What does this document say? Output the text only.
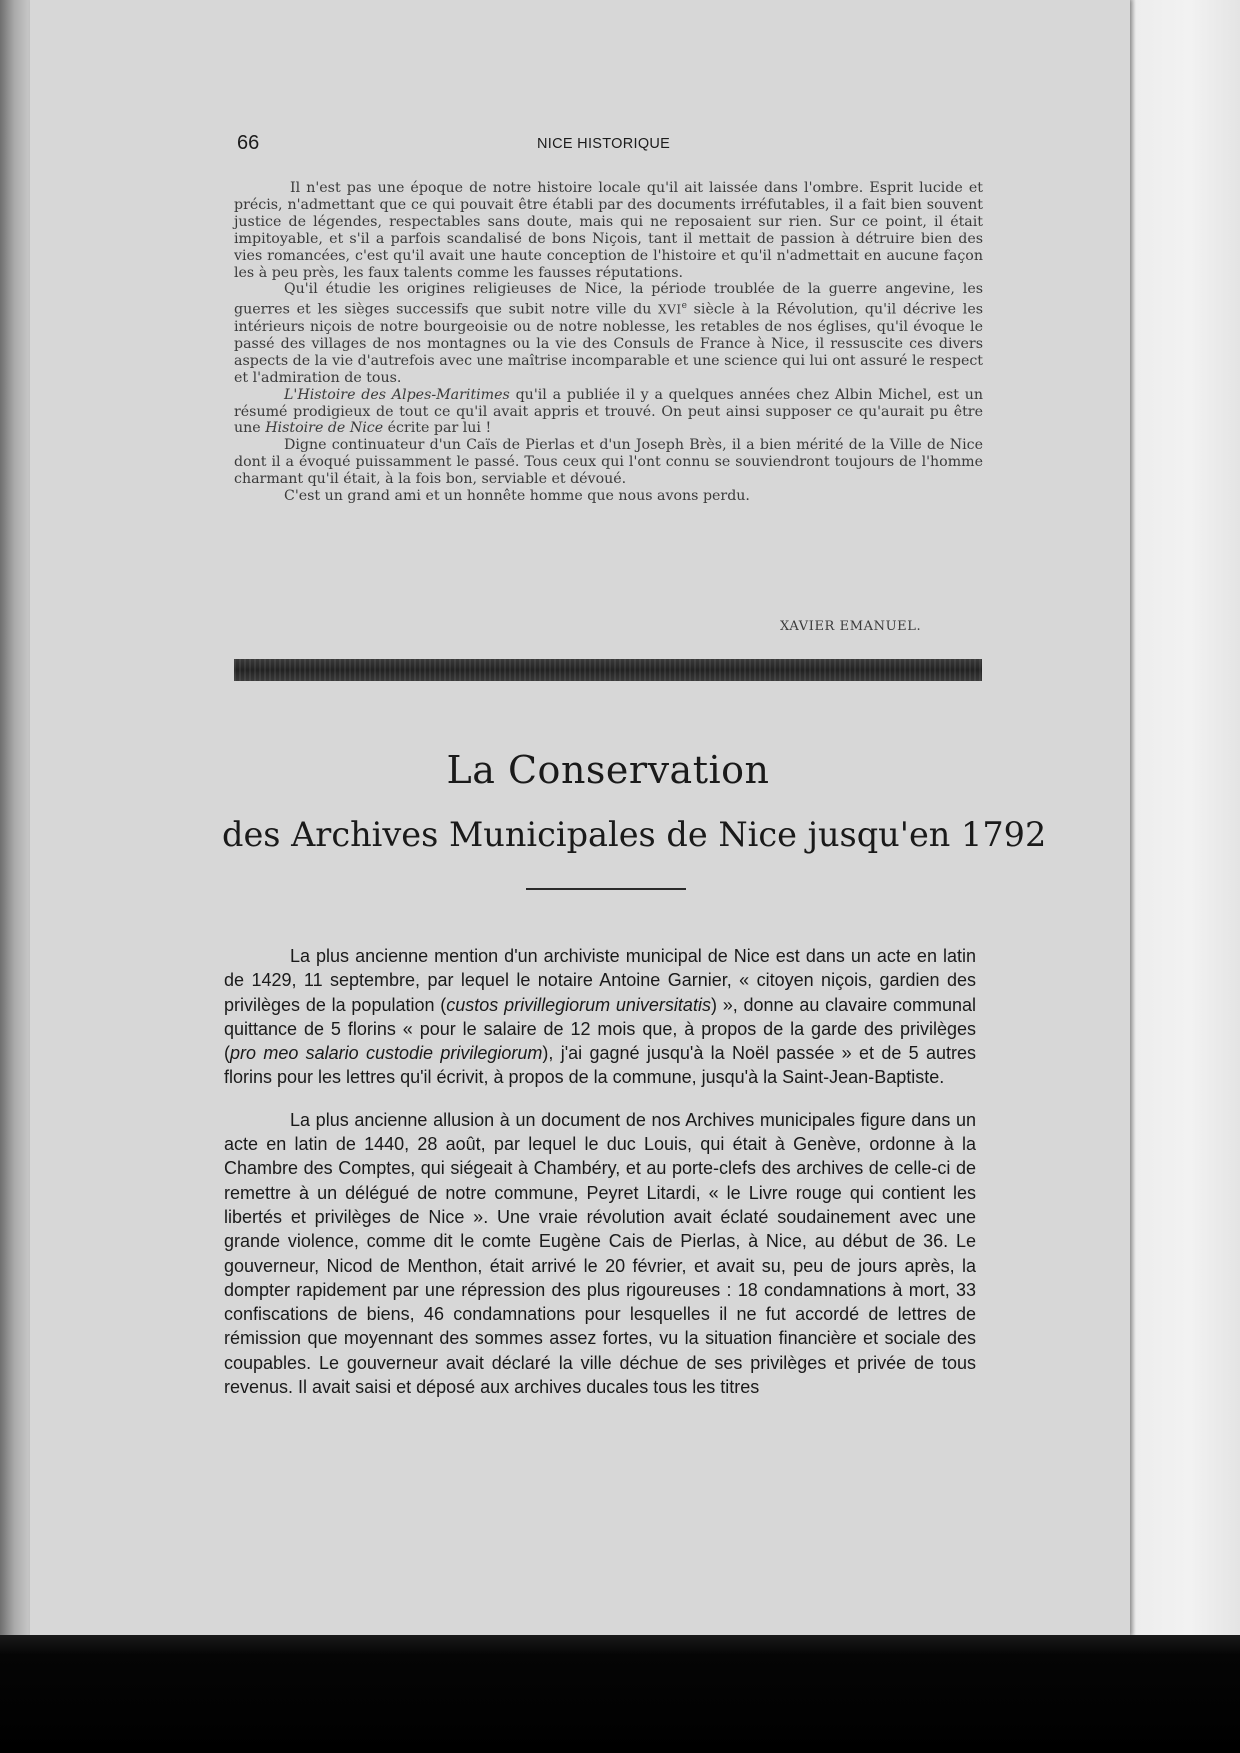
66	NICE HISTORIQUE

Il n'est pas une époque de notre histoire locale qu'il ait laissée dans l'ombre. Esprit lucide et précis, n'admettant que ce qui pouvait être établi par des documents irréfutables, il a fait bien souvent justice de légendes, respectables sans doute, mais qui ne reposaient sur rien. Sur ce point, il était impitoyable, et s'il a parfois scandalisé de bons Niçois, tant il mettait de passion à détruire bien des vies romancées, c'est qu'il avait une haute conception de l'histoire et qu'il n'admettait en aucune façon les à peu près, les faux talents comme les fausses réputations.

Qu'il étudie les origines religieuses de Nice, la période troublée de la guerre angevine, les guerres et les sièges successifs que subit notre ville du XVIe siècle à la Révolution, qu'il décrive les intérieurs niçois de notre bourgeoisie ou de notre noblesse, les retables de nos églises, qu'il évoque le passé des villages de nos montagnes ou la vie des Consuls de France à Nice, il ressuscite ces divers aspects de la vie d'autrefois avec une maîtrise incomparable et une science qui lui ont assuré le respect et l'admiration de tous.

L'Histoire des Alpes-Maritimes qu'il a publiée il y a quelques années chez Albin Michel, est un résumé prodigieux de tout ce qu'il avait appris et trouvé. On peut ainsi supposer ce qu'aurait pu être une Histoire de Nice écrite par lui !

Digne continuateur d'un Caïs de Pierlas et d'un Joseph Brès, il a bien mérité de la Ville de Nice dont il a évoqué puissamment le passé. Tous ceux qui l'ont connu se souviendront toujours de l'homme charmant qu'il était, à la fois bon, serviable et dévoué.

C'est un grand ami et un honnête homme que nous avons perdu.

XAVIER EMANUEL.
La Conservation
des Archives Municipales de Nice jusqu'en 1792

La plus ancienne mention d'un archiviste municipal de Nice est dans un acte en latin de 1429, 11 septembre, par lequel le notaire Antoine Garnier, « citoyen niçois, gardien des privilèges de la population (custos privillegiorum universitatis) », donne au clavaire communal quittance de 5 florins « pour le salaire de 12 mois que, à propos de la garde des privilèges (pro meo salario custodie privilegiorum), j'ai gagné jusqu'à la Noël passée » et de 5 autres florins pour les lettres qu'il écrivit, à propos de la commune, jusqu'à la Saint-Jean-Baptiste.

La plus ancienne allusion à un document de nos Archives municipales figure dans un acte en latin de 1440, 28 août, par lequel le duc Louis, qui était à Genève, ordonne à la Chambre des Comptes, qui siégeait à Chambéry, et au porte-clefs des archives de celle-ci de remettre à un délégué de notre commune, Peyret Litardi, « le Livre rouge qui contient les libertés et privilèges de Nice ». Une vraie révolution avait éclaté soudainement avec une grande violence, comme dit le comte Eugène Cais de Pierlas, à Nice, au début de 36. Le gouverneur, Nicod de Menthon, était arrivé le 20 février, et avait su, peu de jours après, la dompter rapidement par une répression des plus rigoureuses : 18 condamnations à mort, 33 confiscations de biens, 46 condamnations pour lesquelles il ne fut accordé de lettres de rémission que moyennant des sommes assez fortes, vu la situation financière et sociale des coupables. Le gouverneur avait déclaré la ville déchue de ses privilèges et privée de tous revenus. Il avait saisi et déposé aux archives ducales tous les titres
